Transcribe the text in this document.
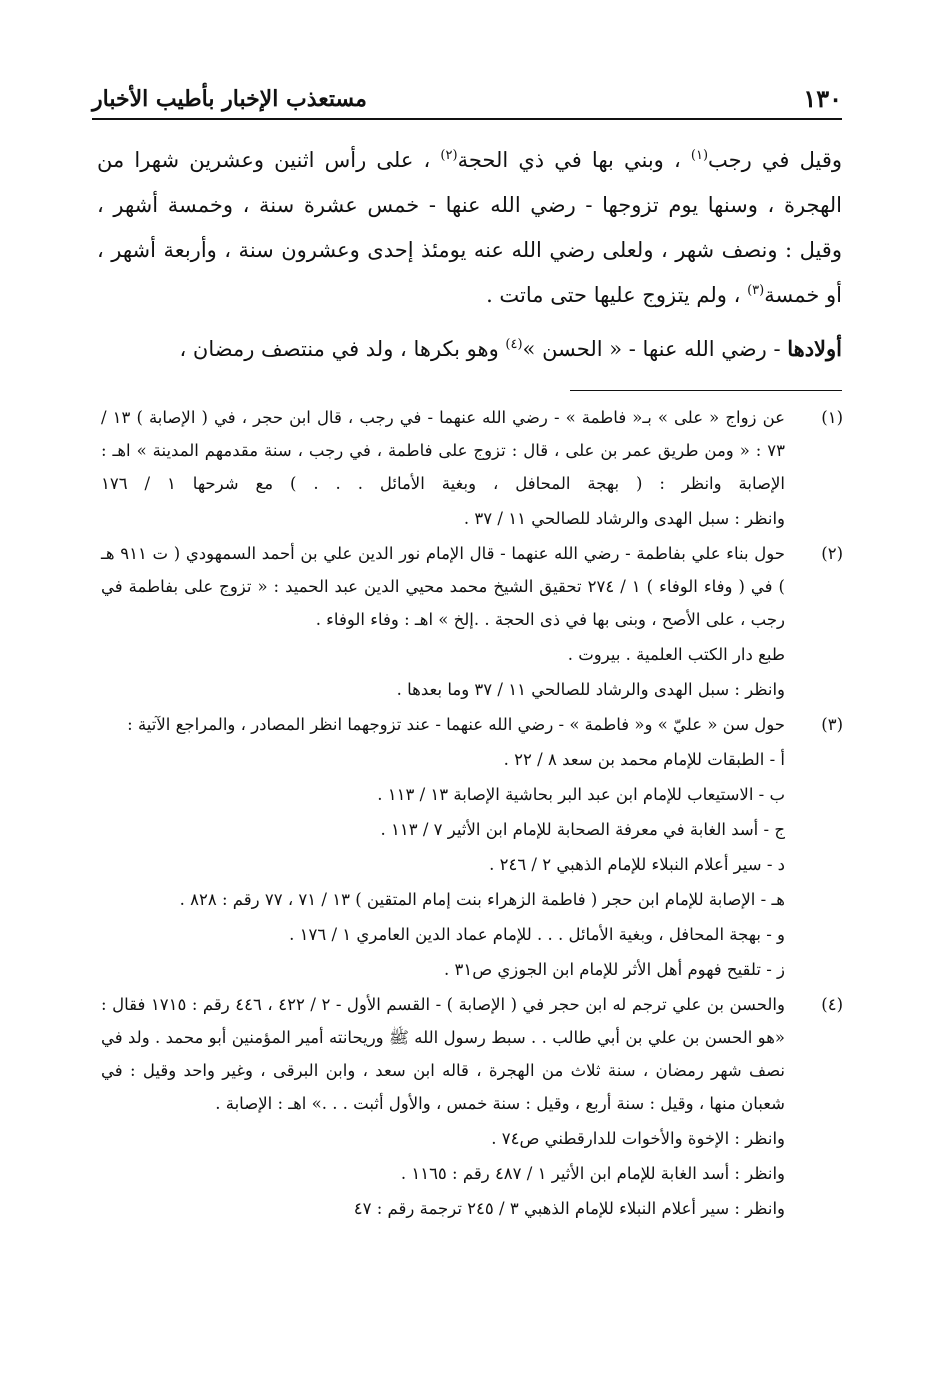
١٣٠
مستعذب الإخبار بأطيب الأخبار

وقيل في رجب$^{(١)}$ ، وبني بها في ذي الحجة$^{(٢)}$ ، على رأس اثنين وعشرين شهرا من الهجرة ، وسنها يوم تزوجها - رضي الله عنها - خمس عشرة سنة ، وخمسة أشهر ، وقيل : ونصف شهر ، ولعلى رضي الله عنه يومئذ إحدى وعشرون سنة ، وأربعة أشهر ، أو خمسة$^{(٣)}$ ، ولم يتزوج عليها حتى ماتت .

أولادها - رضي الله عنها - « الحسن »$^{(٤)}$ وهو بكرها ، ولد في منتصف رمضان ،

(١)

عن زواج « على » بـ« فاطمة » - رضي الله عنهما - في رجب ، قال ابن حجر ، في ( الإصابة ) ١٣ / ٧٣ : « ومن طريق عمر بن على ، قال : تزوج على فاطمة ، في رجب ، سنة مقدمهم المدينة » اهـ : الإصابة وانظر : ( بهجة المحافل ، وبغية الأمائل . . . ) مع شرحها ١ / ١٧٦

وانظر : سبل الهدى والرشاد للصالحي ١١ / ٣٧ .

(٢)

حول بناء علي بفاطمة - رضي الله عنهما - قال الإمام نور الدين علي بن أحمد السمهودي ( ت ٩١١ هـ ) في ( وفاء الوفاء ) ١ / ٢٧٤ تحقيق الشيخ محمد محيي الدين عبد الحميد : « تزوج على بفاطمة في رجب ، على الأصح ، وبنى بها في ذى الحجة . .إلخ » اهـ : وفاء الوفاء .

طبع دار الكتب العلمية . بيروت .

وانظر : سبل الهدى والرشاد للصالحي ١١ / ٣٧ وما بعدها .

(٣)

حول سن « عليّ » و« فاطمة » - رضي الله عنهما - عند تزوجهما انظر المصادر ، والمراجع الآتية :

أ - الطبقات للإمام محمد بن سعد ٨ / ٢٢ .

ب - الاستيعاب للإمام ابن عبد البر بحاشية الإصابة ١٣ / ١١٣ .

ج - أسد الغابة في معرفة الصحابة للإمام ابن الأثير ٧ / ١١٣ .

د - سير أعلام النبلاء للإمام الذهبي ٢ / ٢٤٦ .

هـ - الإصابة للإمام ابن حجر ( فاطمة الزهراء بنت إمام المتقين ) ١٣ / ٧١ ، ٧٧ رقم : ٨٢٨ .

و - بهجة المحافل ، وبغية الأمائل . . . للإمام عماد الدين العامري ١ / ١٧٦ .

ز - تلقيح فهوم أهل الأثر للإمام ابن الجوزي ص٣١ .

(٤)

والحسن بن علي ترجم له ابن حجر في ( الإصابة ) - القسم الأول - ٢ / ٤٢٢ ، ٤٤٦ رقم : ١٧١٥ فقال : «هو الحسن بن علي بن أبي طالب . . سبط رسول الله ﷺ وريحانته أمير المؤمنين أبو محمد . ولد في نصف شهر رمضان ، سنة ثلاث من الهجرة ، قاله ابن سعد ، وابن البرقى ، وغير واحد وقيل : في شعبان منها ، وقيل : سنة أربع ، وقيل : سنة خمس ، والأول أثبت . . .» اهـ : الإصابة .

وانظر : الإخوة والأخوات للدارقطني ص٧٤ .

وانظر : أسد الغابة للإمام ابن الأثير ١ / ٤٨٧ رقم : ١١٦٥ .

وانظر : سير أعلام النبلاء للإمام الذهبي ٣ / ٢٤٥ ترجمة رقم : ٤٧
